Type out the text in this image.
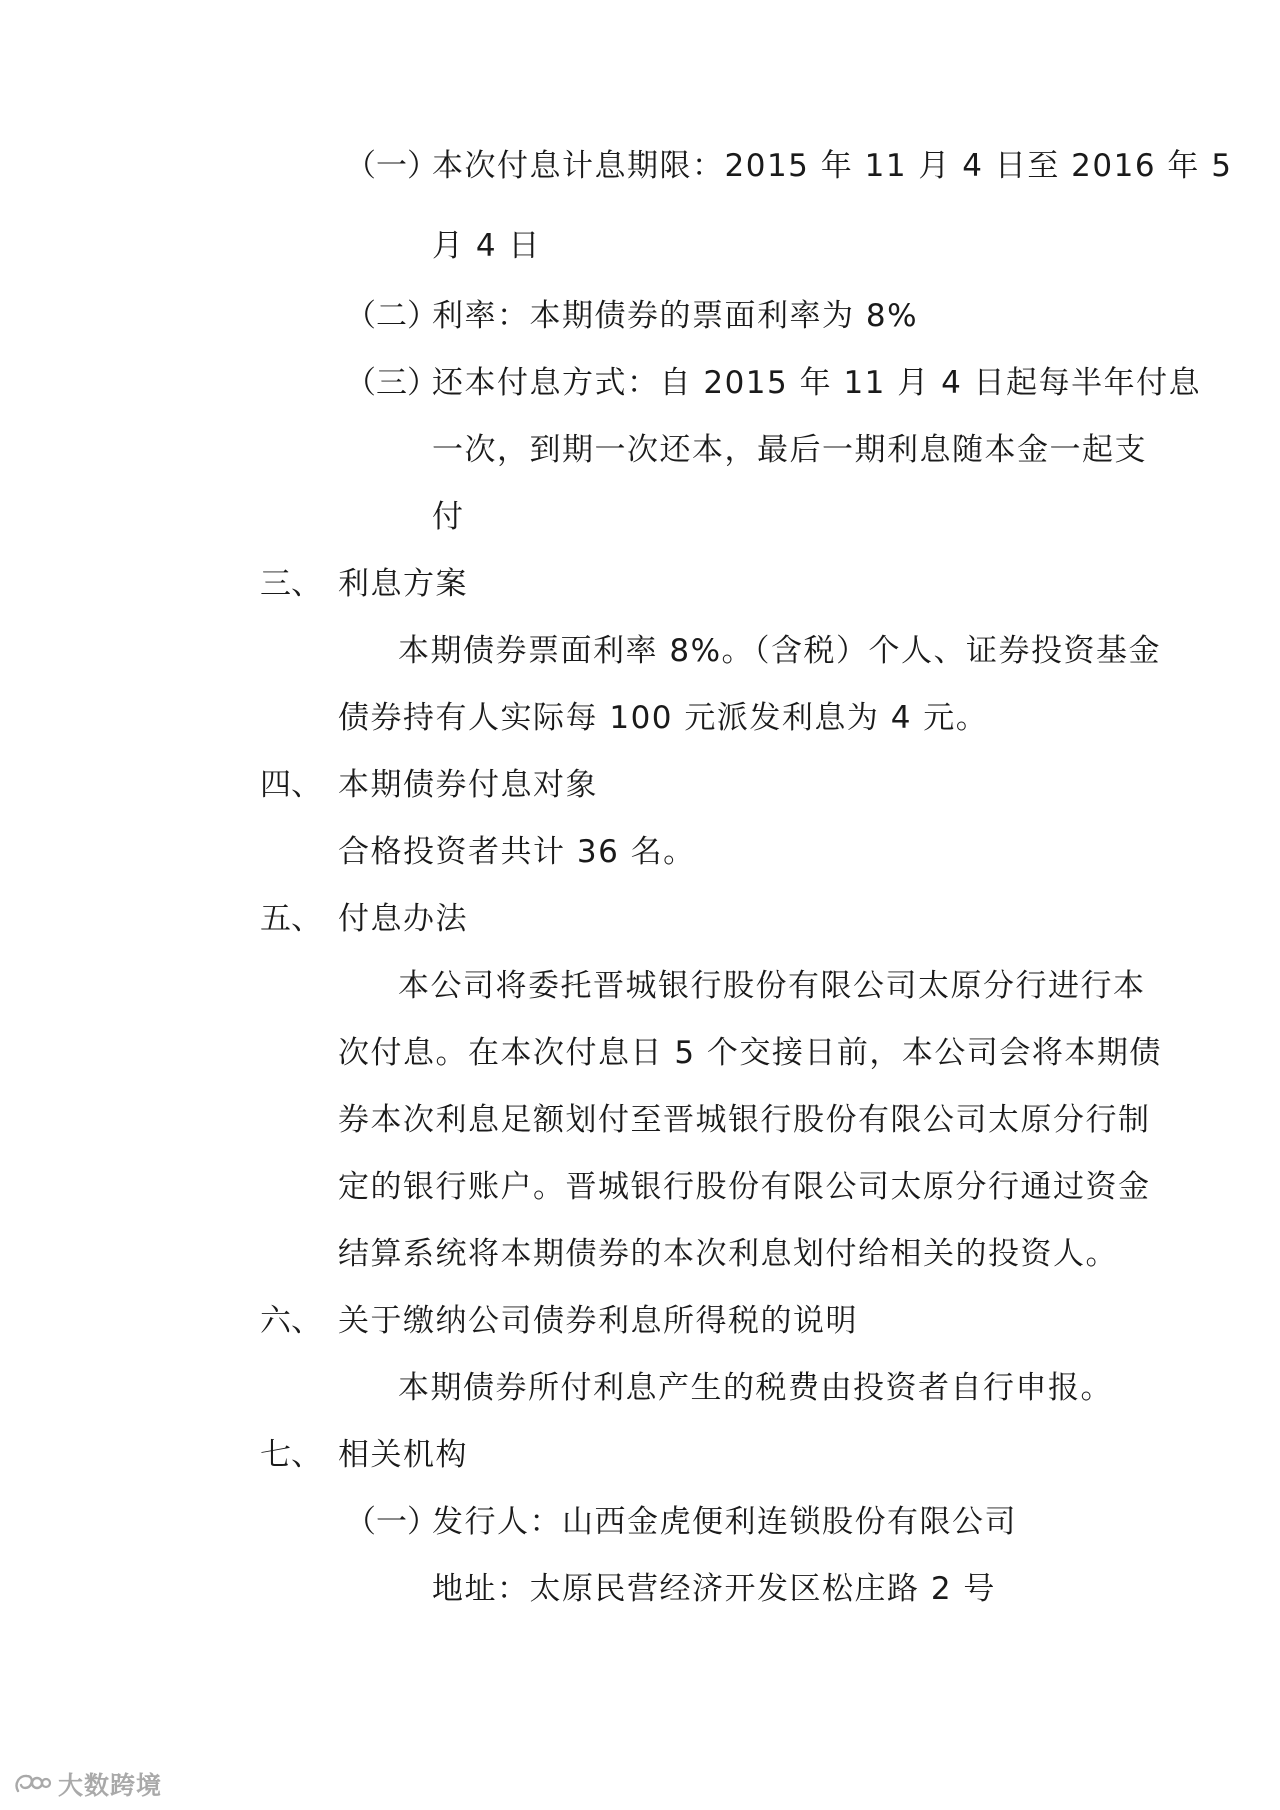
（一）
本次付息计息期限：2015 年 11 月 4 日至 2016 年 5
月 4 日
（二）
利率：本期债券的票面利率为 8%
（三）
还本付息方式：自 2015 年 11 月 4 日起每半年付息
一次，到期一次还本，最后一期利息随本金一起支
付
三、 利息方案
本期债券票面利率 8%。（含税）个人、证券投资基金
债券持有人实际每 100 元派发利息为 4 元。
四、 本期债券付息对象
合格投资者共计 36 名。
五、 付息办法
本公司将委托晋城银行股份有限公司太原分行进行本
次付息。在本次付息日 5 个交接日前，本公司会将本期债
券本次利息足额划付至晋城银行股份有限公司太原分行制
定的银行账户。晋城银行股份有限公司太原分行通过资金
结算系统将本期债券的本次利息划付给相关的投资人。
六、 关于缴纳公司债券利息所得税的说明
本期债券所付利息产生的税费由投资者自行申报。
七、 相关机构
（一）
发行人：山西金虎便利连锁股份有限公司
地址：太原民营经济开发区松庄路 2 号
大数跨境
